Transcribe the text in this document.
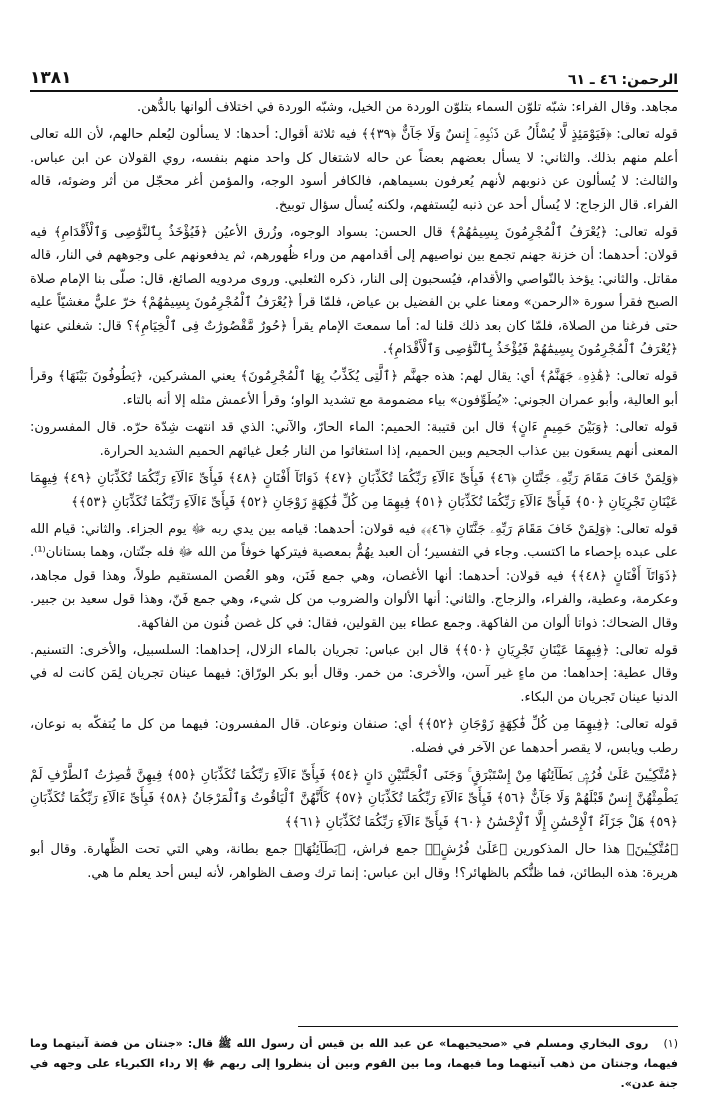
الرحمن: ٤٦ ـ ٦١
١٣٨١

مجاهد. وقال الفراء: شبّه تلوّن السماء بتلوّن الوردة من الخيل، وشبّه الوردة في اختلاف ألوانها بالدُّهن.

قوله تعالى: ﴿فَيَوْمَئِذٍ لَّا يُسْأَلُ عَن ذَنۢبِهِۦٓ إِنسٌ وَلَا جَآنٌّ ﴿٣٩﴾﴾ فيه ثلاثة أقوال: أحدها: لا يسألون ليُعلم حالهم، لأن الله تعالى أعلم منهم بذلك. والثاني: لا يسأل بعضهم بعضاً عن حاله لاشتغال كل واحد منهم بنفسه، روي القولان عن ابن عباس. والثالث: لا يُسألون عن ذنوبهم لأنهم يُعرفون بسيماهم، فالكافر أسود الوجه، والمؤمن أغر محجّل من أثر وضوئه، قاله الفراء. قال الزجاج: لا يُسأل أحد عن ذنبه ليُستفهم، ولكنه يُسأل سؤال توبيخ.

قوله تعالى: ﴿يُعْرَفُ ٱلْمُجْرِمُونَ بِسِيمَٰهُمْ﴾ قال الحسن: بسواد الوجوه، وزُرق الأعيُن ﴿فَيُؤْخَذُ بِٱلنَّوَٰصِى وَٱلْأَقْدَامِ﴾ فيه قولان: أحدهما: أن خزنة جهنم تجمع بين نواصيهم إلى أقدامهم من وراء ظُهورهم، ثم يدفعونهم على وجوههم في النار، قاله مقاتل. والثاني: يؤخذ بالنّواصي والأقدام، فيُسحبون إلى النار، ذكره الثعلبي. وروى مردويه الصائغ، قال: صلّى بنا الإمام صلاة الصبح فقرأ سورة «الرحمن» ومعنا علي بن الفضيل بن عياض، فلمّا قرأ ﴿يُعْرَفُ ٱلْمُجْرِمُونَ بِسِيمَٰهُمْ﴾ خرّ عليٌّ مغشيّاً عليه حتى فرغنا من الصلاة، فلمّا كان بعد ذلك قلنا له: أما سمعتَ الإمام يقرأ ﴿حُورٌ مَّقْصُورَٰتٌ فِى ٱلْخِيَامِ﴾؟ قال: شغلني عنها ﴿يُعْرَفُ ٱلْمُجْرِمُونَ بِسِيمَٰهُمْ فَيُؤْخَذُ بِٱلنَّوَٰصِى وَٱلْأَقْدَامِ﴾.

قوله تعالى: ﴿هَٰذِهِۦ جَهَنَّمُ﴾ أي: يقال لهم: هذه جهنَّم ﴿ٱلَّتِى يُكَذِّبُ بِهَا ٱلْمُجْرِمُونَ﴾ يعني المشركين، ﴿يَطُوفُونَ بَيْنَهَا﴾ وقرأ أبو العالية، وأبو عمران الجوني: «يُطَوِّفون» بياء مضمومة مع تشديد الواو؛ وقرأ الأعمش مثله إلا أنه بالتاء.

قوله تعالى: ﴿وَبَيْنَ حَمِيمٍ ءَانٍ﴾ قال ابن قتيبة: الحميم: الماء الحارّ، والآني: الذي قد انتهت شِدّة حرّه. قال المفسرون: المعنى أنهم يسعَون بين عذاب الجحيم وبين الحميم، إذا استغاثوا من النار جُعل غياثهم الحميم الشديد الحرارة.

﴿وَلِمَنْ خَافَ مَقَامَ رَبِّهِۦ جَنَّتَانِ ﴿٤٦﴾ فَبِأَىِّ ءَالَآءِ رَبِّكُمَا تُكَذِّبَانِ ﴿٤٧﴾ ذَوَاتَآ أَفْنَانٍ ﴿٤٨﴾ فَبِأَىِّ ءَالَآءِ رَبِّكُمَا تُكَذِّبَانِ ﴿٤٩﴾ فِيهِمَا عَيْنَانِ تَجْرِيَانِ ﴿٥٠﴾ فَبِأَىِّ ءَالَآءِ رَبِّكُمَا تُكَذِّبَانِ ﴿٥١﴾ فِيهِمَا مِن كُلِّ فَٰكِهَةٍ زَوْجَانِ ﴿٥٢﴾ فَبِأَىِّ ءَالَآءِ رَبِّكُمَا تُكَذِّبَانِ ﴿٥٣﴾﴾

قوله تعالى: ﴿وَلِمَنْ خَافَ مَقَامَ رَبِّهِۦ جَنَّتَانِ ﴿٤٦﴾﴾ فيه قولان: أحدهما: قيامه بين يدي ربه ﷻ يوم الجزاء. والثاني: قيام الله على عبده بإحصاء ما اكتسب. وجاء في التفسير؛ أن العبد يهُمُّ بمعصية فيتركها خوفاً من الله ﷻ فله جنّتان، وهما بستانان⁽¹⁾. ﴿ذَوَاتَآ أَفْنَانٍ ﴿٤٨﴾﴾ فيه قولان: أحدهما: أنها الأغصان، وهي جمع فَنَن، وهو الغُصن المستقيم طولاً، وهذا قول مجاهد، وعكرمة، وعطية، والفراء، والزجاج. والثاني: أنها الألوان والضروب من كل شيء، وهي جمع فَنّ، وهذا قول سعيد بن جبير. وقال الضحاك: ذواتا ألوان من الفاكهة. وجمع عطاء بين القولين، فقال: في كل غصن فُنون من الفاكهة.

قوله تعالى: ﴿فِيهِمَا عَيْنَانِ تَجْرِيَانِ ﴿٥٠﴾﴾ قال ابن عباس: تجريان بالماء الزلال، إحداهما: السلسبيل، والأخرى: التسنيم. وقال عطية: إحداهما: من ماءٍ غير آسن، والأخرى: من خمر. وقال أبو بكر الورّاق: فيهما عينان تجريان لِمَن كانت له في الدنيا عينان تَجريان من البكاء.

قوله تعالى: ﴿فِيهِمَا مِن كُلِّ فَٰكِهَةٍ زَوْجَانِ ﴿٥٢﴾﴾ أي: صنفان ونوعان. قال المفسرون: فيهما من كل ما يُتفكّه به نوعان، رطب ويابس، لا يقصر أحدهما عن الآخر في فضله.

﴿مُتَّكِـِٔينَ عَلَىٰ فُرُشٍۭ بَطَآئِنُهَا مِنْ إِسْتَبْرَقٍ ۚ وَجَنَى ٱلْجَنَّتَيْنِ دَانٍ ﴿٥٤﴾ فَبِأَىِّ ءَالَآءِ رَبِّكُمَا تُكَذِّبَانِ ﴿٥٥﴾ فِيهِنَّ قَٰصِرَٰتُ ٱلطَّرْفِ لَمْ يَطْمِثْهُنَّ إِنسٌ قَبْلَهُمْ وَلَا جَآنٌّ ﴿٥٦﴾ فَبِأَىِّ ءَالَآءِ رَبِّكُمَا تُكَذِّبَانِ ﴿٥٧﴾ كَأَنَّهُنَّ ٱلْيَاقُوتُ وَٱلْمَرْجَانُ ﴿٥٨﴾ فَبِأَىِّ ءَالَآءِ رَبِّكُمَا تُكَذِّبَانِ ﴿٥٩﴾ هَلْ جَزَآءُ ٱلْإِحْسَٰنِ إِلَّا ٱلْإِحْسَٰنُ ﴿٦٠﴾ فَبِأَىِّ ءَالَآءِ رَبِّكُمَا تُكَذِّبَانِ ﴿٦١﴾﴾

﴿مُتَّكِـِٔينَ﴾ هذا حال المذكورين ﴿عَلَىٰ فُرُشٍۭ﴾ جمع فراش، ﴿بَطَآئِنُهَا﴾ جمع بطانة، وهي التي تحت الظِّهارة. وقال أبو هريرة: هذه البطائن، فما ظنُّكم بالظهائر؟! وقال ابن عباس: إنما ترك وصف الظواهر، لأنه ليس أحد يعلم ما هي.

(١) روى البخاري ومسلم في «صحيحيهما» عن عبد الله بن قيس أن رسول الله ﷺ قال: «جنتان من فضة آنيتهما وما فيهما، وجنتان من ذهب آنيتهما وما فيهما، وما بين القوم وبين أن ينظروا إلى ربهم ﷻ إلا رداء الكبرياء على وجهه في جنة عدن».
